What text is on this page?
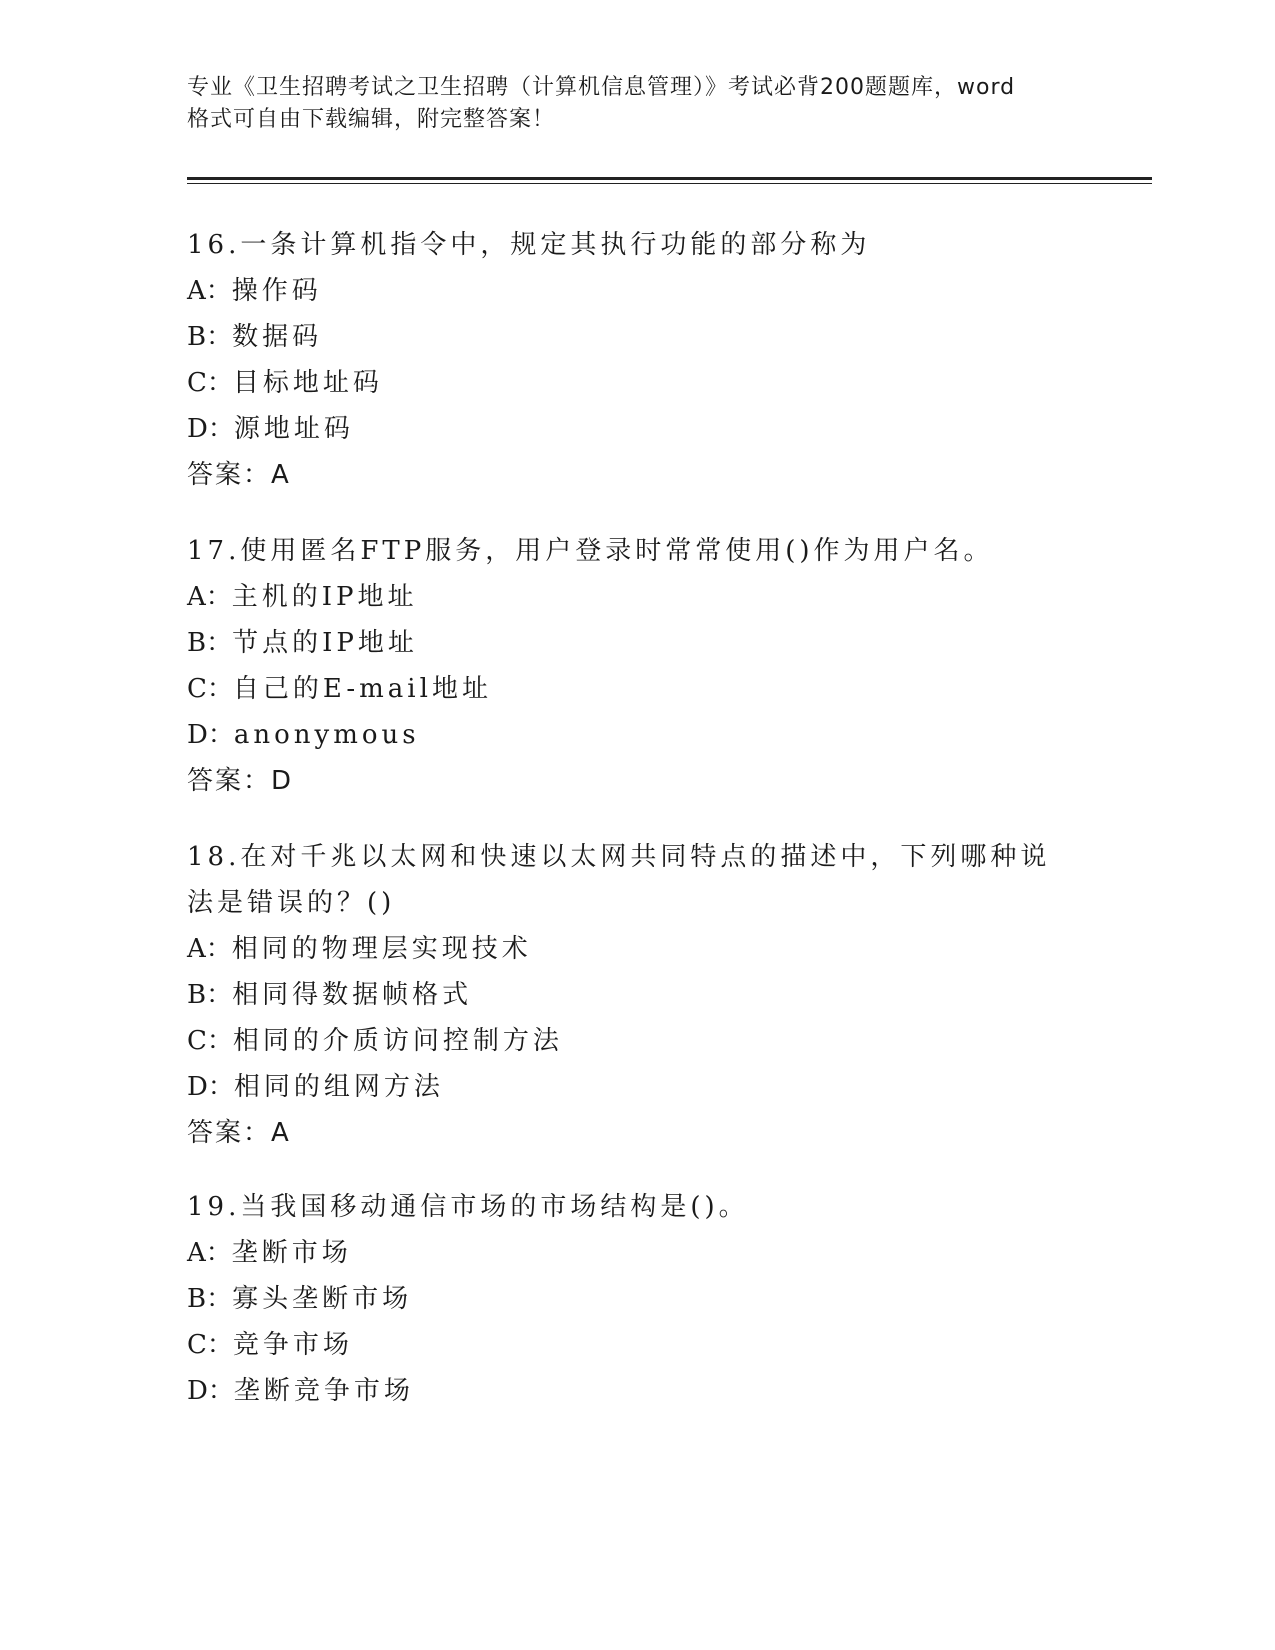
专业《卫生招聘考试之卫生招聘（计算机信息管理）》考试必背200题题库，word
格式可自由下载编辑，附完整答案！

16.一条计算机指令中，规定其执行功能的部分称为

A：操作码

B：数据码

C：目标地址码

D：源地址码

答案：A

17.使用匿名FTP服务，用户登录时常常使用()作为用户名。

A：主机的IP地址

B：节点的IP地址

C：自己的E-mail地址

D：anonymous

答案：D

18.在对千兆以太网和快速以太网共同特点的描述中，下列哪种说法是错误的？()

A：相同的物理层实现技术

B：相同得数据帧格式

C：相同的介质访问控制方法

D：相同的组网方法

答案：A

19.当我国移动通信市场的市场结构是()。

A：垄断市场

B：寡头垄断市场

C：竞争市场

D：垄断竞争市场
